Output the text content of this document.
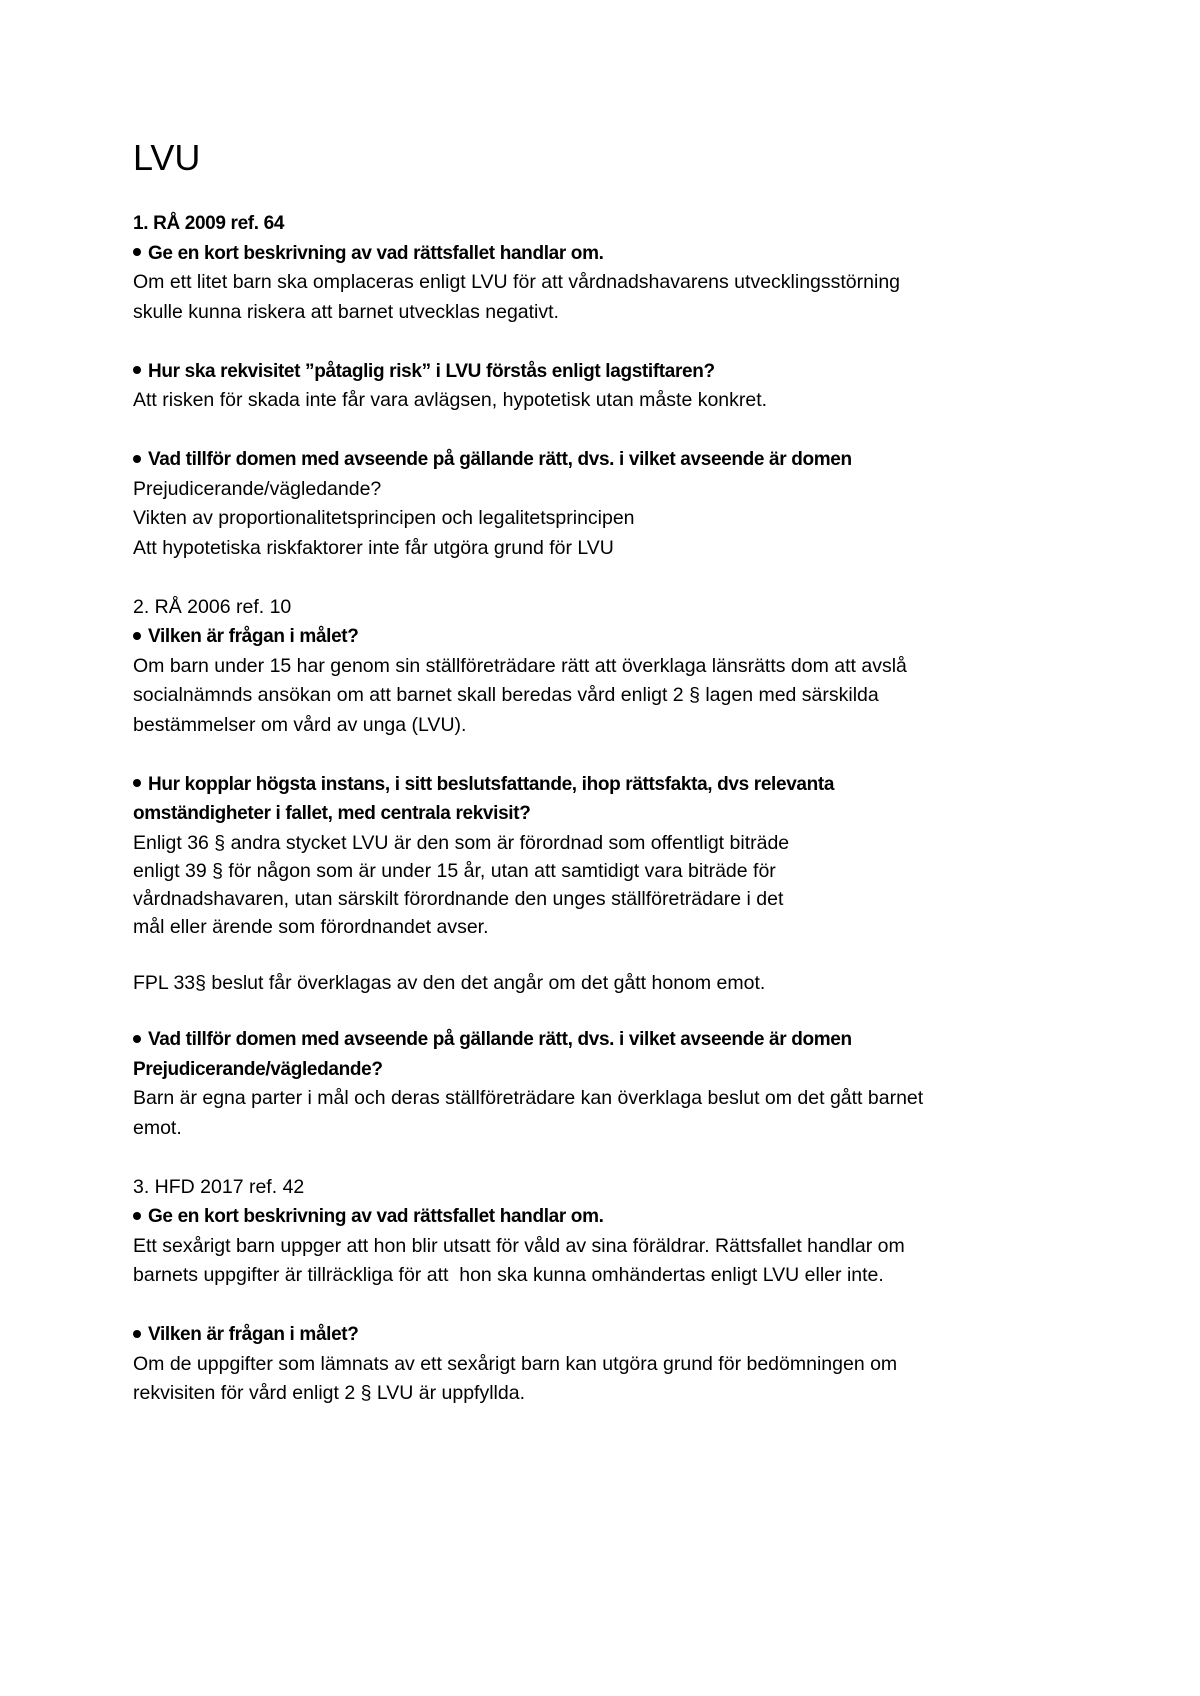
LVU
1. RÅ 2009 ref. 64
Ge en kort beskrivning av vad rättsfallet handlar om.
Om ett litet barn ska omplaceras enligt LVU för att vårdnadshavarens utvecklingsstörning
skulle kunna riskera att barnet utvecklas negativt.
Hur ska rekvisitet ”påtaglig risk” i LVU förstås enligt lagstiftaren?
Att risken för skada inte får vara avlägsen, hypotetisk utan måste konkret.
Vad tillför domen med avseende på gällande rätt, dvs. i vilket avseende är domen
Prejudicerande/vägledande?
Vikten av proportionalitetsprincipen och legalitetsprincipen
Att hypotetiska riskfaktorer inte får utgöra grund för LVU
2. RÅ 2006 ref. 10
Vilken är frågan i målet?
Om barn under 15 har genom sin ställföreträdare rätt att överklaga länsrätts dom att avslå
socialnämnds ansökan om att barnet skall beredas vård enligt 2 § lagen med särskilda
bestämmelser om vård av unga (LVU).
Hur kopplar högsta instans, i sitt beslutsfattande, ihop rättsfakta, dvs relevanta
omständigheter i fallet, med centrala rekvisit?
Enligt 36 § andra stycket LVU är den som är förordnad som offentligt biträde
enligt 39 § för någon som är under 15 år, utan att samtidigt vara biträde för
vårdnadshavaren, utan särskilt förordnande den unges ställföreträdare i det
mål eller ärende som förordnandet avser.
FPL 33§ beslut får överklagas av den det angår om det gått honom emot.
Vad tillför domen med avseende på gällande rätt, dvs. i vilket avseende är domen
Prejudicerande/vägledande?
Barn är egna parter i mål och deras ställföreträdare kan överklaga beslut om det gått barnet
emot.
3. HFD 2017 ref. 42
Ge en kort beskrivning av vad rättsfallet handlar om.
Ett sexårigt barn uppger att hon blir utsatt för våld av sina föräldrar. Rättsfallet handlar om
barnets uppgifter är tillräckliga för att  hon ska kunna omhändertas enligt LVU eller inte.
Vilken är frågan i målet?
Om de uppgifter som lämnats av ett sexårigt barn kan utgöra grund för bedömningen om
rekvisiten för vård enligt 2 § LVU är uppfyllda.
